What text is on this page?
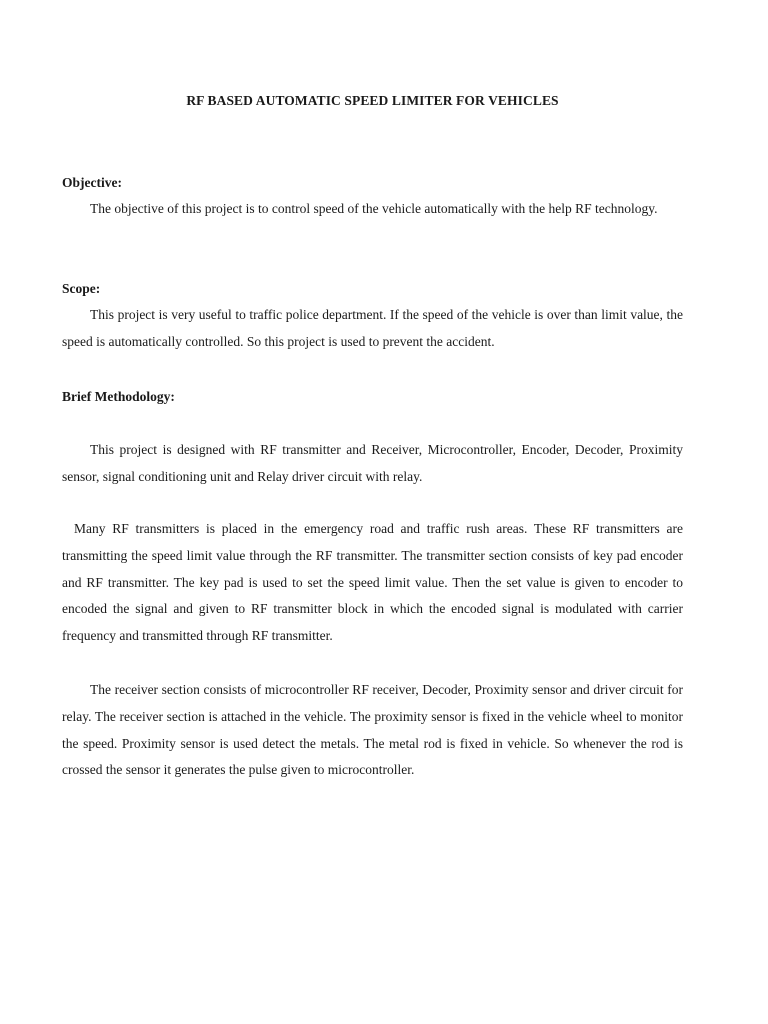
RF BASED AUTOMATIC SPEED LIMITER FOR VEHICLES
Objective:

The objective of this project is to control speed of the vehicle automatically with the help RF technology.

Scope:

This project is very useful to traffic police department. If the speed of the vehicle is over than limit value, the speed is automatically controlled. So this project is used to prevent the accident.

Brief Methodology:

This project is designed with RF transmitter and Receiver, Microcontroller, Encoder, Decoder, Proximity sensor, signal conditioning unit and Relay driver circuit with relay.

Many RF transmitters is placed in the emergency road and traffic rush areas. These RF transmitters are transmitting the speed limit value through the RF transmitter. The transmitter section consists of key pad encoder and RF transmitter. The key pad is used to set the speed limit value. Then the set value is given to encoder to encoded the signal and given to RF transmitter block in which the encoded signal is modulated with carrier frequency and transmitted through RF transmitter.

The receiver section consists of microcontroller RF receiver, Decoder, Proximity sensor and driver circuit for relay. The receiver section is attached in the vehicle. The proximity sensor is fixed in the vehicle wheel to monitor the speed. Proximity sensor is used detect the metals. The metal rod is fixed in vehicle. So whenever the rod is crossed the sensor it generates the pulse given to microcontroller.
